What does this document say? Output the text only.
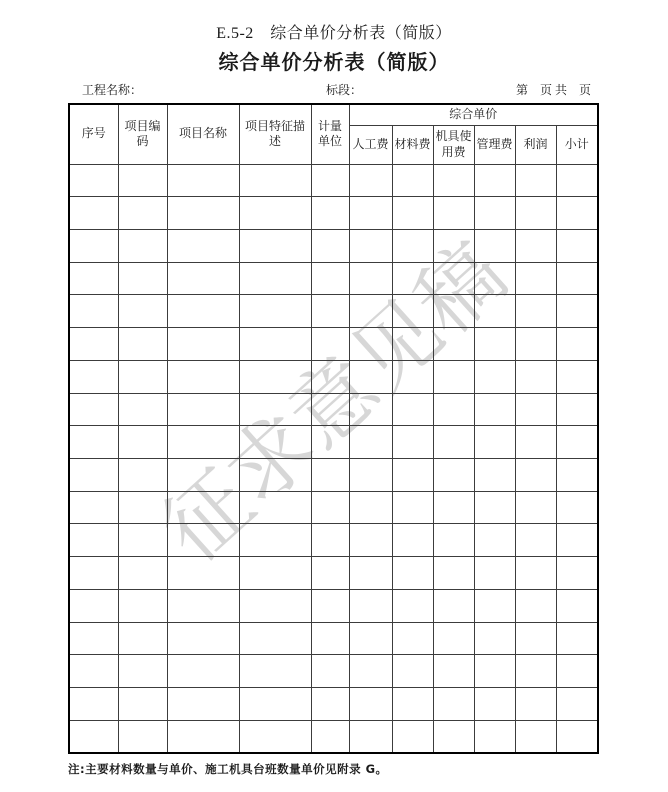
征求意见稿
E.5-2　综合单价分析表（简版）
综合单价分析表（简版）
工程名称：	标段：	第　页 共　页
序号	项目编码	项目名称	项目特征描述	计量单位	综合单价					
					人工费	材料费	机具使用费	管理费	利润	小计

注:主要材料数量与单价、施工机具台班数量单价见附录 G。
